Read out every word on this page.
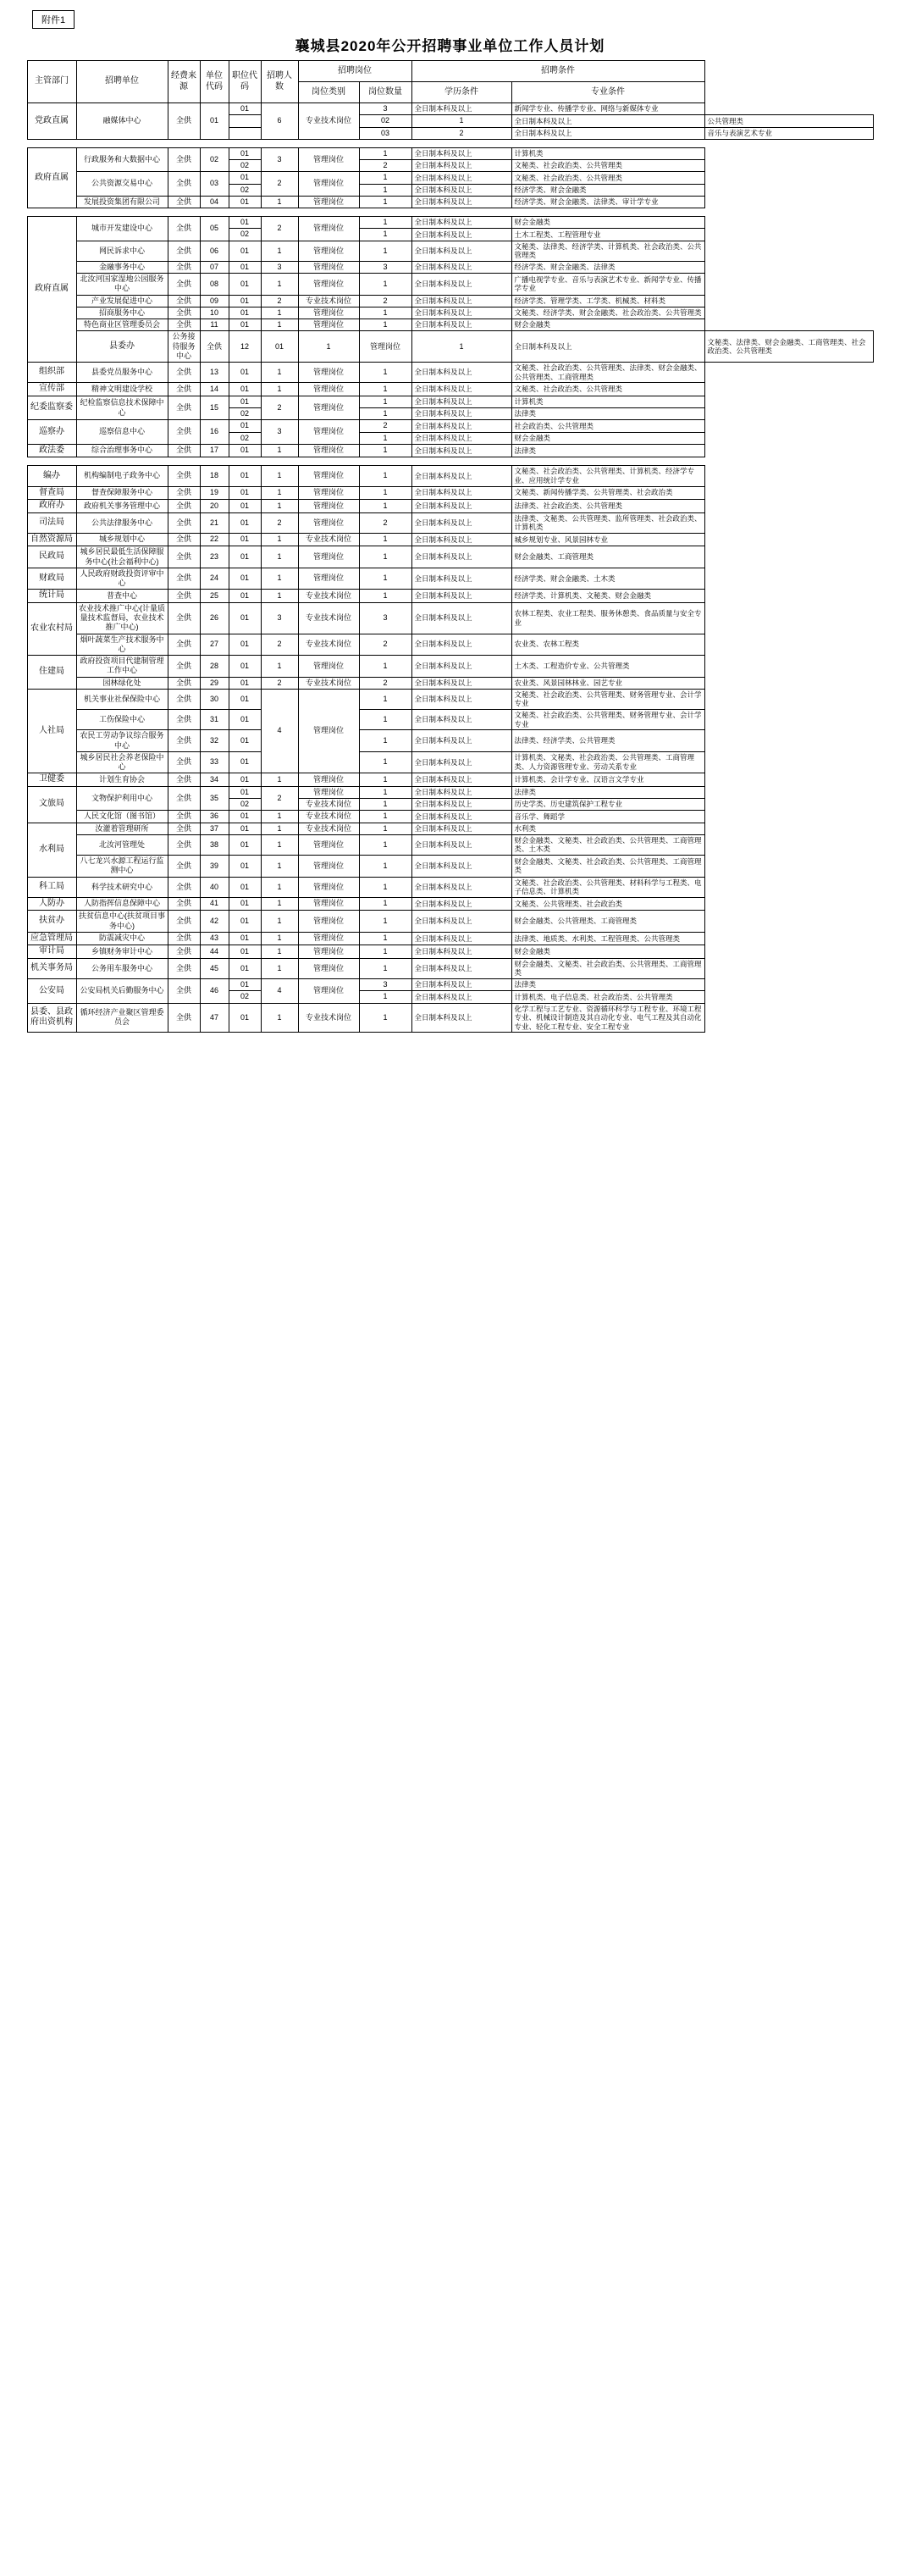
附件1
襄城县2020年公开招聘事业单位工作人员计划
主管部门	招聘单位	经费来源	单位代码	职位代码	招聘人数	招聘岗位		招聘条件		
						岗位类别	岗位数量	学历条件	专业条件	
党政直属	融媒体中心	全供	01	01	6	专业技术岗位	3	全日制本科及以上	新闻学专业、传播学专业、网络与新媒体专业	
							02	1	全日制本科及以上	公共管理类
							03	2	全日制本科及以上	音乐与表演艺术专业

政府直属	行政服务和大数据中心	全供	02	01	3	管理岗位	1	全日制本科及以上	计算机类	
				02			2	全日制本科及以上	文秘类、社会政治类、公共管理类	
	公共资源交易中心	全供	03	01	2	管理岗位	1	全日制本科及以上	文秘类、社会政治类、公共管理类	
				02			1	全日制本科及以上	经济学类、财会金融类	
	发展投资集团有限公司	全供	04	01	1	管理岗位	1	全日制本科及以上	经济学类、财会金融类、法律类、审计学专业	

政府直属	城市开发建设中心	全供	05	01	2	管理岗位	1	全日制本科及以上	财会金融类	
				02			1	全日制本科及以上	土木工程类、工程管理专业	
	网民诉求中心	全供	06	01	1	管理岗位	1	全日制本科及以上	文秘类、法律类、经济学类、计算机类、社会政治类、公共管理类	
	金融事务中心	全供	07	01	3	管理岗位	3	全日制本科及以上	经济学类、财会金融类、法律类	
	北汝河国家湿地公园服务中心	全供	08	01	1	管理岗位	1	全日制本科及以上	广播电视学专业、音乐与表演艺术专业、新闻学专业、传播学专业	
	产业发展促进中心	全供	09	01	2	专业技术岗位	2	全日制本科及以上	经济学类、管理学类、工学类、机械类、材料类	
	招商服务中心	全供	10	01	1	管理岗位	1	全日制本科及以上	文秘类、经济学类、财会金融类、社会政治类、公共管理类	
	特色商业区管理委员会	全供	11	01	1	管理岗位	1	全日制本科及以上	财会金融类	
	县委办	公务接待服务中心	全供	12	01	1	管理岗位	1	全日制本科及以上	文秘类、法律类、财会金融类、工商管理类、社会政治类、公共管理类
组织部	县委党员服务中心	全供	13	01	1	管理岗位	1	全日制本科及以上	文秘类、社会政治类、公共管理类、法律类、财会金融类、公共管理类、工商管理类	
宣传部	精神文明建设学校	全供	14	01	1	管理岗位	1	全日制本科及以上	文秘类、社会政治类、公共管理类	
纪委监察委	纪检监察信息技术保障中心	全供	15	01	2	管理岗位	1	全日制本科及以上	计算机类	
				02			1	全日制本科及以上	法律类	
巡察办	巡察信息中心	全供	16	01	3	管理岗位	2	全日制本科及以上	社会政治类、公共管理类	
				02			1	全日制本科及以上	财会金融类	
政法委	综合治理事务中心	全供	17	01	1	管理岗位	1	全日制本科及以上	法律类	

编办	机构编制电子政务中心	全供	18	01	1	管理岗位	1	全日制本科及以上	文秘类、社会政治类、公共管理类、计算机类、经济学专业、应用统计学专业	
督查局	督查保障服务中心	全供	19	01	1	管理岗位	1	全日制本科及以上	文秘类、新闻传播学类、公共管理类、社会政治类	
政府办	政府机关事务管理中心	全供	20	01	1	管理岗位	1	全日制本科及以上	法律类、社会政治类、公共管理类	
司法局	公共法律服务中心	全供	21	01	2	管理岗位	2	全日制本科及以上	法律类、文秘类、公共管理类、监所管理类、社会政治类、计算机类	
自然资源局	城乡规划中心	全供	22	01	1	专业技术岗位	1	全日制本科及以上	城乡规划专业、风景园林专业	
民政局	城乡居民最低生活保障服务中心(社会福利中心)	全供	23	01	1	管理岗位	1	全日制本科及以上	财会金融类、工商管理类	
财政局	人民政府财政投资评审中心	全供	24	01	1	管理岗位	1	全日制本科及以上	经济学类、财会金融类、土木类	
统计局	普查中心	全供	25	01	1	专业技术岗位	1	全日制本科及以上	经济学类、计算机类、文秘类、财会金融类	
农业农村局	农业技术推广中心(计量质量技术监督局，农业技术推广中心)	全供	26	01	3	专业技术岗位	3	全日制本科及以上	农林工程类、农业工程类、服务休憩类、食品质量与安全专业	
	烟叶蔬菜生产技术服务中心	全供	27	01	2	专业技术岗位	2	全日制本科及以上	农业类、农林工程类	
住建局	政府投资项目代建制管理工作中心	全供	28	01	1	管理岗位	1	全日制本科及以上	土木类、工程造价专业、公共管理类	
	园林绿化处	全供	29	01	2	专业技术岗位	2	全日制本科及以上	农业类、风景园林林业、园艺专业	
人社局	机关事业社保保险中心	全供	30	01	4	管理岗位	1	全日制本科及以上	文秘类、社会政治类、公共管理类、财务管理专业、会计学专业	
	工伤保险中心	全供	31	01			1	全日制本科及以上	文秘类、社会政治类、公共管理类、财务管理专业、会计学专业	
	农民工劳动争议综合服务中心	全供	32	01			1	全日制本科及以上	法律类、经济学类、公共管理类	
	城乡居民社会养老保险中心	全供	33	01			1	全日制本科及以上	计算机类、文秘类、社会政治类、公共管理类、工商管理类、人力资源管理专业、劳动关系专业	
卫健委	计划生育协会	全供	34	01	1	管理岗位	1	全日制本科及以上	计算机类、会计学专业、汉语言文学专业	
文旅局	文物保护利用中心	全供	35	01	2	管理岗位	1	全日制本科及以上	法律类	
				02		专业技术岗位	1	全日制本科及以上	历史学类、历史建筑保护工程专业	
	人民文化馆（图书馆）	全供	36	01	1	专业技术岗位	1	全日制本科及以上	音乐学、舞蹈学	
水利局	汝灌着管理研所	全供	37	01	1	专业技术岗位	1	全日制本科及以上	水利类	
	北汝河管理处	全供	38	01	1	管理岗位	1	全日制本科及以上	财会金融类、文秘类、社会政治类、公共管理类、工商管理类、土木类	
	八七龙兴水源工程运行监测中心	全供	39	01	1	管理岗位	1	全日制本科及以上	财会金融类、文秘类、社会政治类、公共管理类、工商管理类	
科工局	科学技术研究中心	全供	40	01	1	管理岗位	1	全日制本科及以上	文秘类、社会政治类、公共管理类、材料科学与工程类、电子信息类、计算机类	
人防办	人防指挥信息保障中心	全供	41	01	1	管理岗位	1	全日制本科及以上	文秘类、公共管理类、社会政治类	
扶贫办	扶贫信息中心(扶贫项目事务中心)	全供	42	01	1	管理岗位	1	全日制本科及以上	财会金融类、公共管理类、工商管理类	
应急管理局	防震减灾中心	全供	43	01	1	管理岗位	1	全日制本科及以上	法律类、地质类、水利类、工程管理类、公共管理类	
审计局	乡镇财务审计中心	全供	44	01	1	管理岗位	1	全日制本科及以上	财会金融类	
机关事务局	公务用车服务中心	全供	45	01	1	管理岗位	1	全日制本科及以上	财会金融类、文秘类、社会政治类、公共管理类、工商管理类	
公安局	公安局机关后勤服务中心	全供	46	01	4	管理岗位	3	全日制本科及以上	法律类	
				02			1	全日制本科及以上	计算机类、电子信息类、社会政治类、公共管理类	
县委、县政府出资机构	循环经济产业聚区管理委员会	全供	47	01	1	专业技术岗位	1	全日制本科及以上	化学工程与工艺专业、资源循环科学与工程专业、环境工程专业、机械设计制造及其自动化专业、电气工程及其自动化专业、轻化工程专业、安全工程专业	
